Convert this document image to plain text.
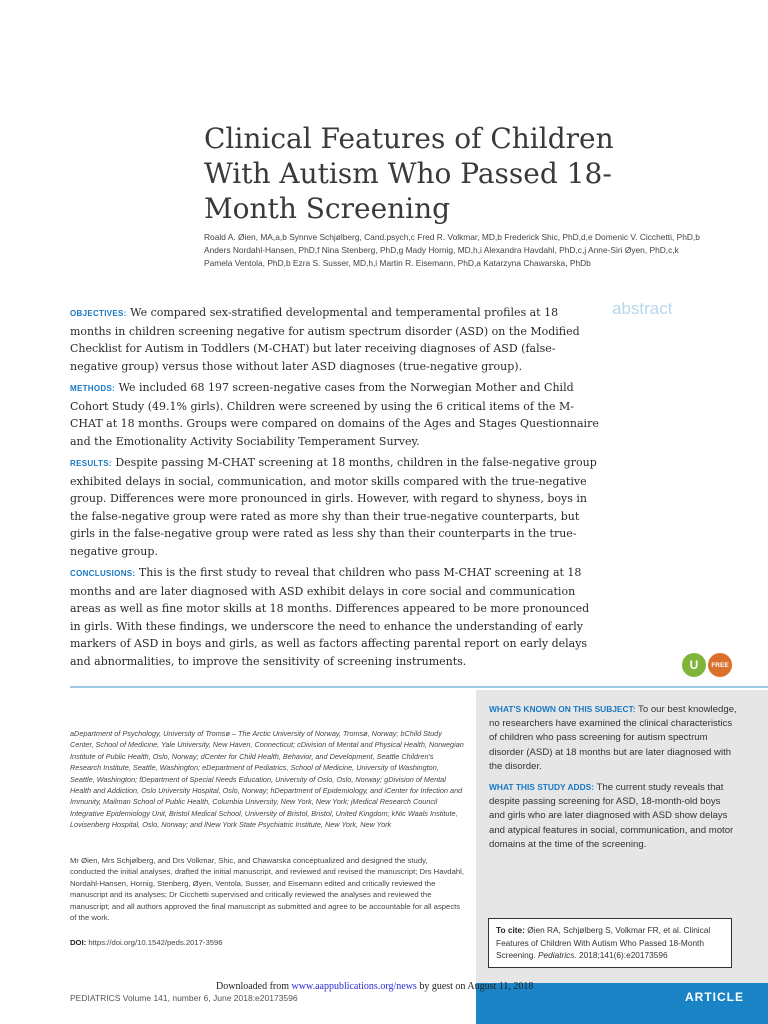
Clinical Features of Children With Autism Who Passed 18-Month Screening
Roald A. Øien, MA,a,b Synnve Schjølberg, Cand.psych,c Fred R. Volkmar, MD,b Frederick Shic, PhD,d,e Domenic V. Cicchetti, PhD,b
Anders Nordahl-Hansen, PhD,f Nina Stenberg, PhD,g Mady Hornig, MD,h,i Alexandra Havdahl, PhD,c,j Anne-Siri Øyen, PhD,c,k
Pamela Ventola, PhD,b Ezra S. Susser, MD,h,i Martin R. Eisemann, PhD,a Katarzyna Chawarska, PhDb
abstract

OBJECTIVES: We compared sex-stratified developmental and temperamental profiles at 18 months in children screening negative for autism spectrum disorder (ASD) on the Modified Checklist for Autism in Toddlers (M-CHAT) but later receiving diagnoses of ASD (false-negative group) versus those without later ASD diagnoses (true-negative group).

METHODS: We included 68 197 screen-negative cases from the Norwegian Mother and Child Cohort Study (49.1% girls). Children were screened by using the 6 critical items of the M-CHAT at 18 months. Groups were compared on domains of the Ages and Stages Questionnaire and the Emotionality Activity Sociability Temperament Survey.

RESULTS: Despite passing M-CHAT screening at 18 months, children in the false-negative group exhibited delays in social, communication, and motor skills compared with the true-negative group. Differences were more pronounced in girls. However, with regard to shyness, boys in the false-negative group were rated as more shy than their true-negative counterparts, but girls in the false-negative group were rated as less shy than their counterparts in the true-negative group.

CONCLUSIONS: This is the first study to reveal that children who pass M-CHAT screening at 18 months and are later diagnosed with ASD exhibit delays in core social and communication areas as well as fine motor skills at 18 months. Differences appeared to be more pronounced in girls. With these findings, we underscore the need to enhance the understanding of early markers of ASD in boys and girls, as well as factors affecting parental report on early delays and abnormalities, to improve the sensitivity of screening instruments.	U	FREE
aDepartment of Psychology, University of Tromsø – The Arctic University of Norway, Tromsø, Norway; bChild Study Center, School of Medicine, Yale University, New Haven, Connecticut; cDivision of Mental and Physical Health, Norwegian Institute of Public Health, Oslo, Norway; dCenter for Child Health, Behavior, and Development, Seattle Children's Research Institute, Seattle, Washington; eDepartment of Pediatrics, School of Medicine, University of Washington, Seattle, Washington; fDepartment of Special Needs Education, University of Oslo, Oslo, Norway; gDivision of Mental Health and Addiction, Oslo University Hospital, Oslo, Norway; hDepartment of Epidemiology, and iCenter for Infection and Immunity, Mailman School of Public Health, Columbia University, New York, New York; jMedical Research Council Integrative Epidemiology Unit, Bristol Medical School, University of Bristol, Bristol, United Kingdom; kNic Waals Institute, Lovisenberg Hospital, Oslo, Norway; and lNew York State Psychiatric Institute, New York, New York
Mr Øien, Mrs Schjølberg, and Drs Volkmar, Shic, and Chawarska conceptualized and designed the study, conducted the initial analyses, drafted the initial manuscript, and reviewed and revised the manuscript; Drs Havdahl, Nordahl-Hansen, Hornig, Stenberg, Øyen, Ventola, Susser, and Eisemann edited and critically reviewed the manuscript and its analyses; Dr Cicchetti supervised and critically reviewed the analyses and reviewed the manuscript; and all authors approved the final manuscript as submitted and agree to be accountable for all aspects of the work.
DOI: https://doi.org/10.1542/peds.2017-3596

WHAT'S KNOWN ON THIS SUBJECT: To our best knowledge, no researchers have examined the clinical characteristics of children who pass screening for autism spectrum disorder (ASD) at 18 months but are later diagnosed with the disorder.

WHAT THIS STUDY ADDS: The current study reveals that despite passing screening for ASD, 18-month-old boys and girls who are later diagnosed with ASD show delays and atypical features in social, communication, and motor domains at the time of the screening.

To cite: Øien RA, Schjølberg S, Volkmar FR, et al. Clinical Features of Children With Autism Who Passed 18-Month Screening. Pediatrics. 2018;141(6):e20173596
ARTICLE
Downloaded from www.aappublications.org/news by guest on August 11, 2018
PEDIATRICS Volume 141, number 6, June 2018:e20173596
